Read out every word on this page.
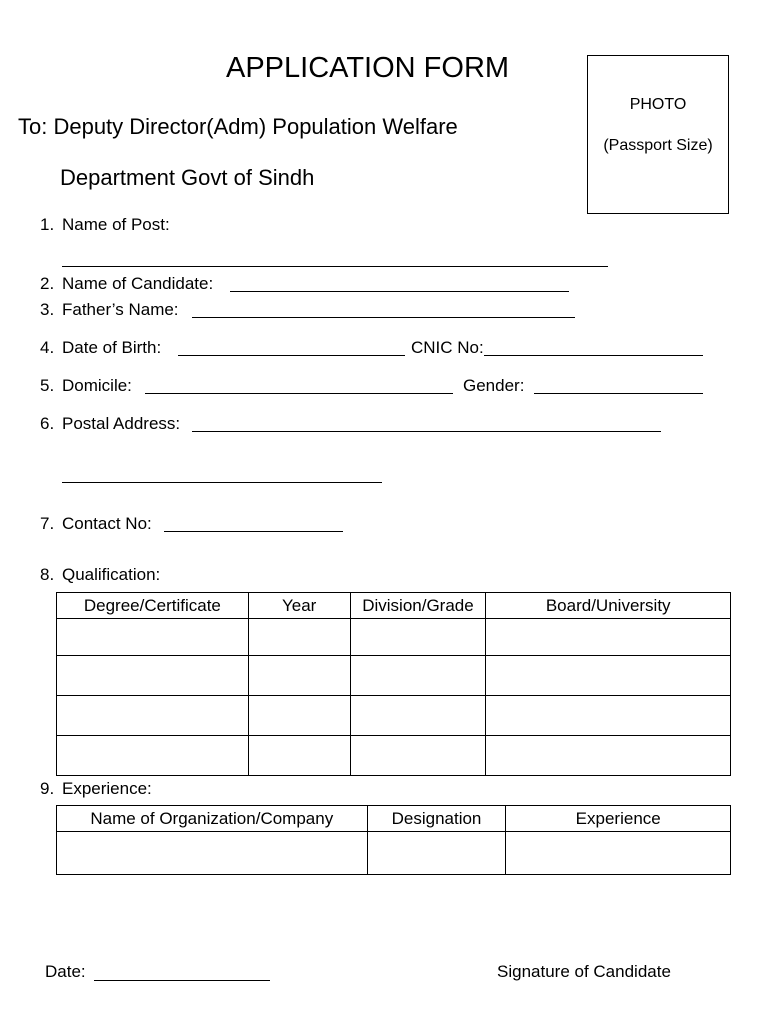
APPLICATION FORM
To: Deputy Director(Adm) Population Welfare
Department Govt of Sindh
PHOTO
(Passport Size)
1. Name of Post:
2. Name of Candidate:
3. Father’s Name:
4. Date of Birth:	CNIC No:
5. Domicile:	Gender:
6. Postal Address:
7. Contact No:
8. Qualification:
Degree/Certificate	Year	Division/Grade	Board/University

9. Experience:
Name of Organization/Company	Designation	Experience

Date:	Signature of Candidate
